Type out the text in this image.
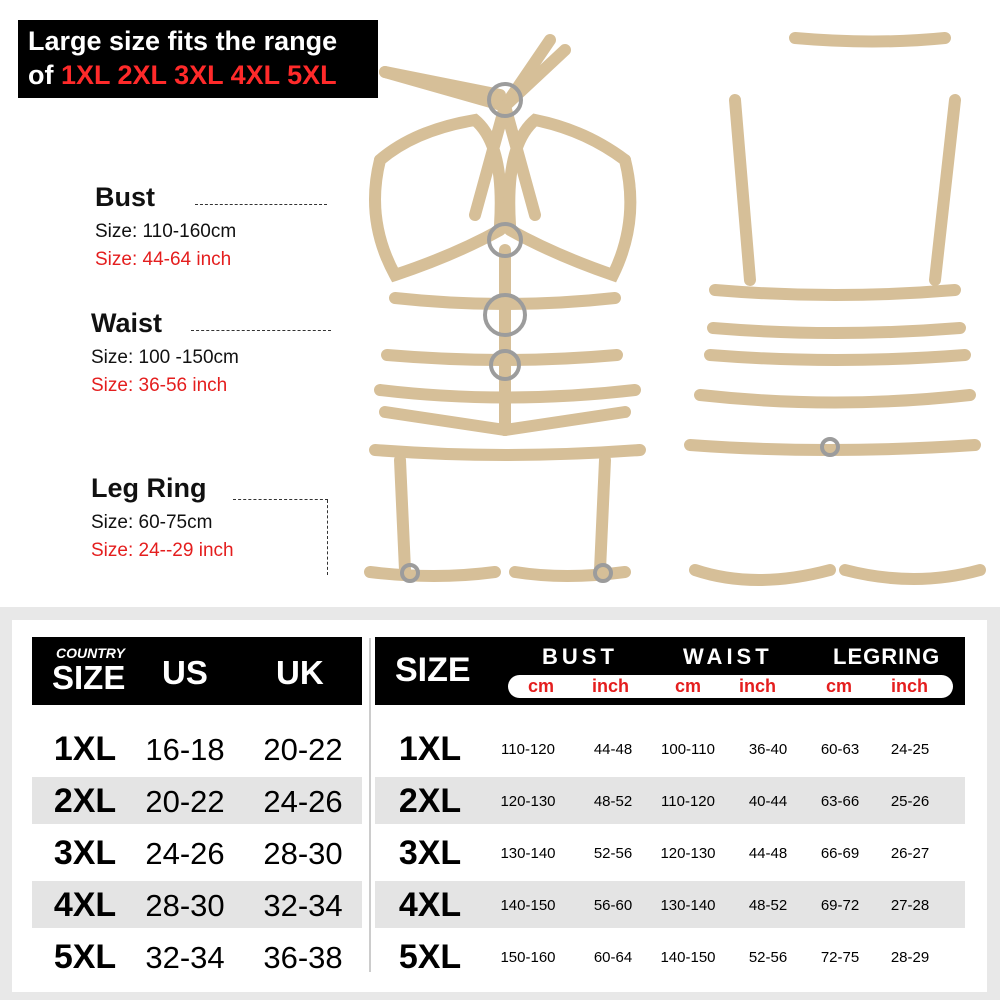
Large size fits the range
of 1XL 2XL 3XL 4XL 5XL
Bust
Size: 110-160cm
Size: 44-64 inch
Waist
Size: 100 -150cm
Size: 36-56 inch
Leg Ring
Size: 60-75cm
Size: 24--29 inch
COUNTRY
SIZE US UK SIZE	BUST	WAIST	LEGRING
cm inch	cm inch	cm inch
1XL 16-18	20-22
2XL 20-22	24-26
3XL 24-26	28-30
4XL 28-30	32-34
5XL 32-34	36-38
1XL	110-120	44-48	100-110	36-40	60-63	24-25
2XL	120-130	48-52	110-120	40-44	63-66	25-26
3XL	130-140	52-56	120-130	44-48	66-69	26-27
4XL	140-150	56-60	130-140	48-52	69-72	27-28
5XL	150-160	60-64	140-150	52-56	72-75	28-29
